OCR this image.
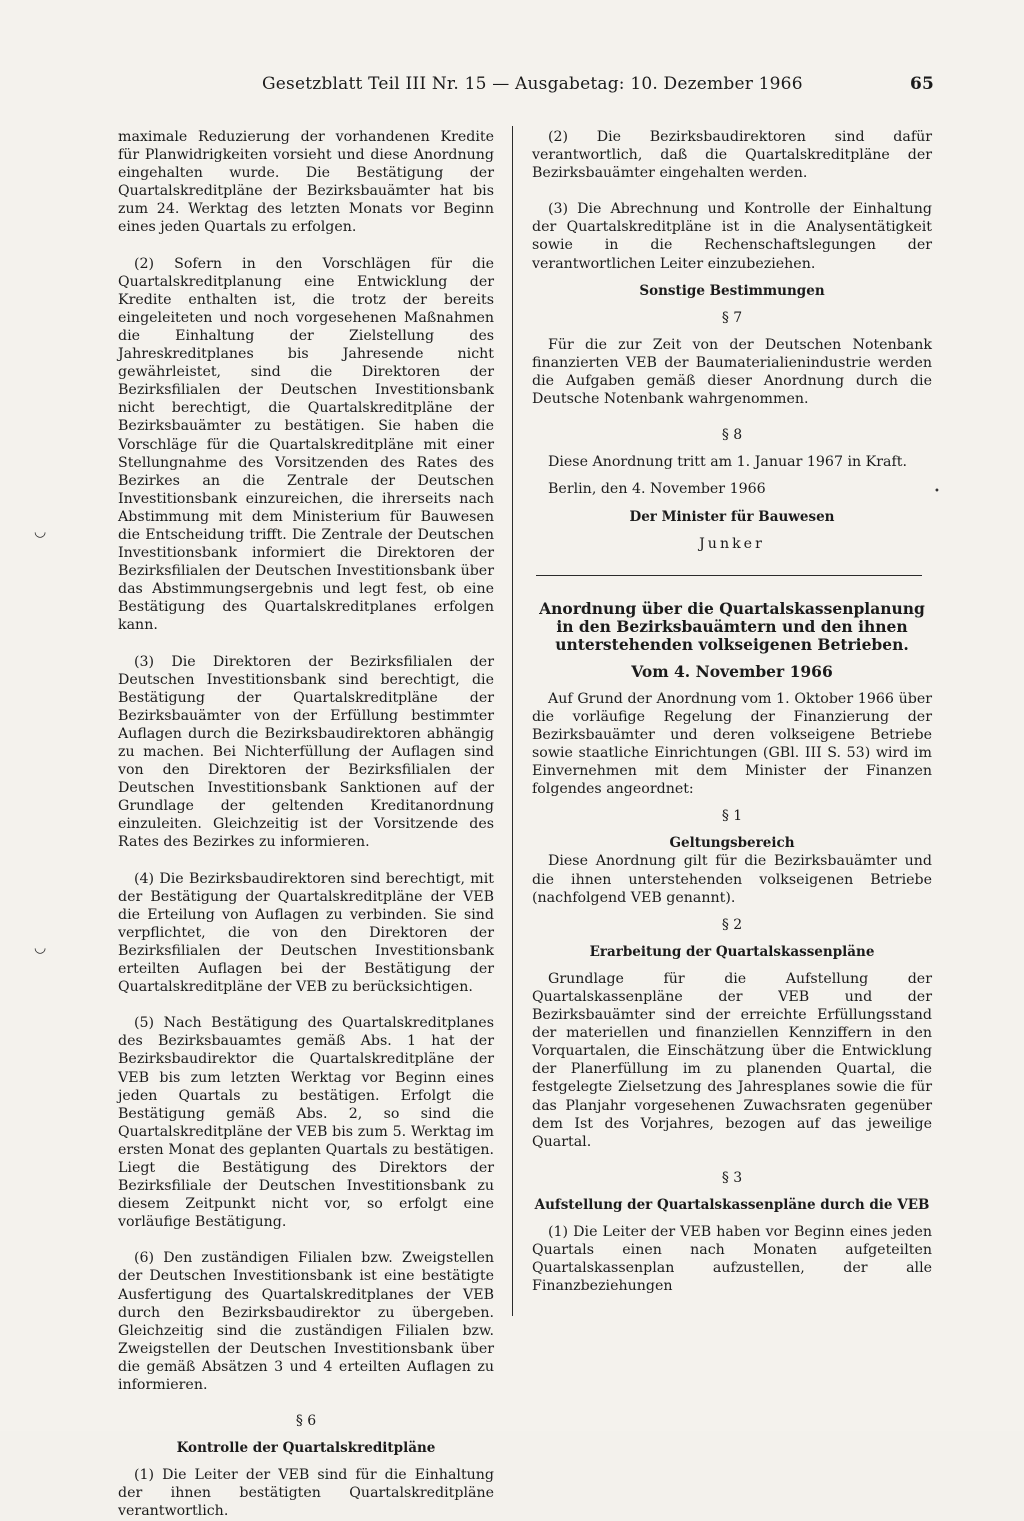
Gesetzblatt Teil III Nr. 15 — Ausgabetag: 10. Dezember 1966	65

maximale Reduzierung der vorhandenen Kredite für Planwidrigkeiten vorsieht und diese Anordnung eingehalten wurde. Die Bestätigung der Quartalskreditpläne der Bezirksbauämter hat bis zum 24. Werktag des letzten Monats vor Beginn eines jeden Quartals zu erfolgen.

(2) Sofern in den Vorschlägen für die Quartalskreditplanung eine Entwicklung der Kredite enthalten ist, die trotz der bereits eingeleiteten und noch vorgesehenen Maßnahmen die Einhaltung der Zielstellung des Jahreskreditplanes bis Jahresende nicht gewährleistet, sind die Direktoren der Bezirksfilialen der Deutschen Investitionsbank nicht berechtigt, die Quartalskreditpläne der Bezirksbauämter zu bestätigen. Sie haben die Vorschläge für die Quartalskreditpläne mit einer Stellungnahme des Vorsitzenden des Rates des Bezirkes an die Zentrale der Deutschen Investitionsbank einzureichen, die ihrerseits nach Abstimmung mit dem Ministerium für Bauwesen die Entscheidung trifft. Die Zentrale der Deutschen Investitionsbank informiert die Direktoren der Bezirksfilialen der Deutschen Investitionsbank über das Abstimmungsergebnis und legt fest, ob eine Bestätigung des Quartalskreditplanes erfolgen kann.

(3) Die Direktoren der Bezirksfilialen der Deutschen Investitionsbank sind berechtigt, die Bestätigung der Quartalskreditpläne der Bezirksbauämter von der Erfüllung bestimmter Auflagen durch die Bezirksbaudirektoren abhängig zu machen. Bei Nichterfüllung der Auflagen sind von den Direktoren der Bezirksfilialen der Deutschen Investitionsbank Sanktionen auf der Grundlage der geltenden Kreditanordnung einzuleiten. Gleichzeitig ist der Vorsitzende des Rates des Bezirkes zu informieren.

(4) Die Bezirksbaudirektoren sind berechtigt, mit der Bestätigung der Quartalskreditpläne der VEB die Erteilung von Auflagen zu verbinden. Sie sind verpflichtet, die von den Direktoren der Bezirksfilialen der Deutschen Investitionsbank erteilten Auflagen bei der Bestätigung der Quartalskreditpläne der VEB zu berücksichtigen.

(5) Nach Bestätigung des Quartalskreditplanes des Bezirksbauamtes gemäß Abs. 1 hat der Bezirksbaudirektor die Quartalskreditpläne der VEB bis zum letzten Werktag vor Beginn eines jeden Quartals zu bestätigen. Erfolgt die Bestätigung gemäß Abs. 2, so sind die Quartalskreditpläne der VEB bis zum 5. Werktag im ersten Monat des geplanten Quartals zu bestätigen. Liegt die Bestätigung des Direktors der Bezirksfiliale der Deutschen Investitionsbank zu diesem Zeitpunkt nicht vor, so erfolgt eine vorläufige Bestätigung.

(6) Den zuständigen Filialen bzw. Zweigstellen der Deutschen Investitionsbank ist eine bestätigte Ausfertigung des Quartalskreditplanes der VEB durch den Bezirksbaudirektor zu übergeben. Gleichzeitig sind die zuständigen Filialen bzw. Zweigstellen der Deutschen Investitionsbank über die gemäß Absätzen 3 und 4 erteilten Auflagen zu informieren.

§ 6
Kontrolle der Quartalskreditpläne

(1) Die Leiter der VEB sind für die Einhaltung der ihnen bestätigten Quartalskreditpläne verantwortlich.

(2) Die Bezirksbaudirektoren sind dafür verantwortlich, daß die Quartalskreditpläne der Bezirksbauämter eingehalten werden.

(3) Die Abrechnung und Kontrolle der Einhaltung der Quartalskreditpläne ist in die Analysentätigkeit sowie in die Rechenschaftslegungen der verantwortlichen Leiter einzubeziehen.

Sonstige Bestimmungen
§ 7

Für die zur Zeit von der Deutschen Notenbank finanzierten VEB der Baumaterialienindustrie werden die Aufgaben gemäß dieser Anordnung durch die Deutsche Notenbank wahrgenommen.

§ 8

Diese Anordnung tritt am 1. Januar 1967 in Kraft.

Berlin, den 4. November 1966

Der Minister für Bauwesen
Junker
Anordnung über die Quartalskassenplanung in den Bezirksbauämtern und den ihnen unterstehenden volkseigenen Betrieben.
Vom 4. November 1966

Auf Grund der Anordnung vom 1. Oktober 1966 über die vorläufige Regelung der Finanzierung der Bezirksbauämter und deren volkseigene Betriebe sowie staatliche Einrichtungen (GBl. III S. 53) wird im Einvernehmen mit dem Minister der Finanzen folgendes angeordnet:

§ 1
Geltungsbereich

Diese Anordnung gilt für die Bezirksbauämter und die ihnen unterstehenden volkseigenen Betriebe (nachfolgend VEB genannt).

§ 2
Erarbeitung der Quartalskassenpläne

Grundlage für die Aufstellung der Quartalskassenpläne der VEB und der Bezirksbauämter sind der erreichte Erfüllungsstand der materiellen und finanziellen Kennziffern in den Vorquartalen, die Einschätzung über die Entwicklung der Planerfüllung im zu planenden Quartal, die festgelegte Zielsetzung des Jahresplanes sowie die für das Planjahr vorgesehenen Zuwachsraten gegenüber dem Ist des Vorjahres, bezogen auf das jeweilige Quartal.

§ 3
Aufstellung der Quartalskassenpläne durch die VEB

(1) Die Leiter der VEB haben vor Beginn eines jeden Quartals einen nach Monaten aufgeteilten Quartalskassenplan aufzustellen, der alle Finanzbeziehungen

◡
◡
•
